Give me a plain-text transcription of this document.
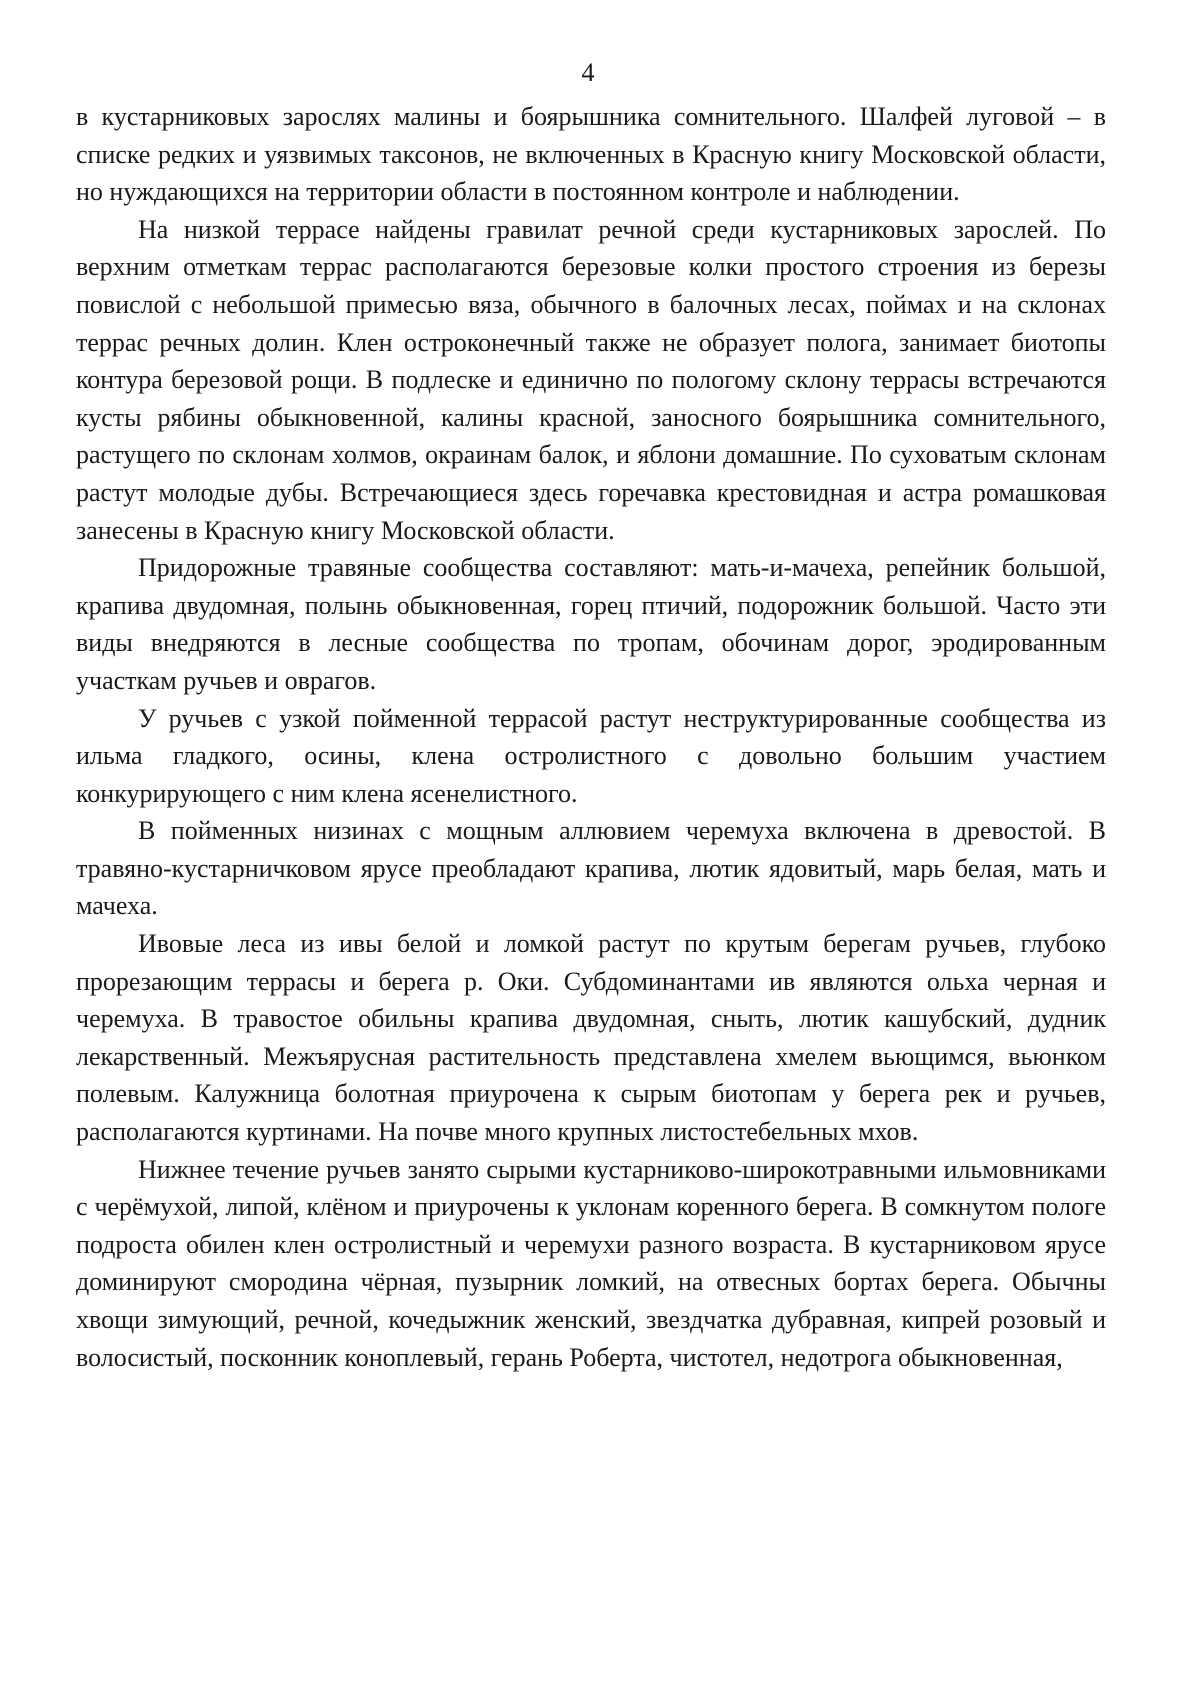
4

в кустарниковых зарослях малины и боярышника сомнительного. Шалфей луговой – в списке редких и уязвимых таксонов, не включенных в Красную книгу Московской области, но нуждающихся на территории области в постоянном контроле и наблюдении.

На низкой террасе найдены гравилат речной среди кустарниковых зарослей. По верхним отметкам террас располагаются березовые колки простого строения из березы повислой с небольшой примесью вяза, обычного в балочных лесах, поймах и на склонах террас речных долин. Клен остроконечный также не образует полога, занимает биотопы контура березовой рощи. В подлеске и единично по пологому склону террасы встречаются кусты рябины обыкновенной, калины красной, заносного боярышника сомнительного, растущего по склонам холмов, окраинам балок, и яблони домашние. По суховатым склонам растут молодые дубы. Встречающиеся здесь горечавка крестовидная и астра ромашковая занесены в Красную книгу Московской области.

Придорожные травяные сообщества составляют: мать-и-мачеха, репейник большой, крапива двудомная, полынь обыкновенная, горец птичий, подорожник большой. Часто эти виды внедряются в лесные сообщества по тропам, обочинам дорог, эродированным участкам ручьев и оврагов.

У ручьев с узкой пойменной террасой растут неструктурированные сообщества из ильма гладкого, осины, клена остролистного с довольно большим участием конкурирующего с ним клена ясенелистного.

В пойменных низинах с мощным аллювием черемуха включена в древостой. В травяно-кустарничковом ярусе преобладают крапива, лютик ядовитый, марь белая, мать и мачеха.

Ивовые леса из ивы белой и ломкой растут по крутым берегам ручьев, глубоко прорезающим террасы и берега р. Оки. Субдоминантами ив являются ольха черная и черемуха. В травостое обильны крапива двудомная, сныть, лютик кашубский, дудник лекарственный. Межъярусная растительность представлена хмелем вьющимся, вьюнком полевым. Калужница болотная приурочена к сырым биотопам у берега рек и ручьев, располагаются куртинами. На почве много крупных листостебельных мхов.

Нижнее течение ручьев занято сырыми кустарниково-широкотравными ильмовниками с черёмухой, липой, клёном и приурочены к уклонам коренного берега. В сомкнутом пологе подроста обилен клен остролистный и черемухи разного возраста. В кустарниковом ярусе доминируют смородина чёрная, пузырник ломкий, на отвесных бортах берега. Обычны хвощи зимующий, речной, кочедыжник женский, звездчатка дубравная, кипрей розовый и волосистый, посконник коноплевый, герань Роберта, чистотел, недотрога обыкновенная,
